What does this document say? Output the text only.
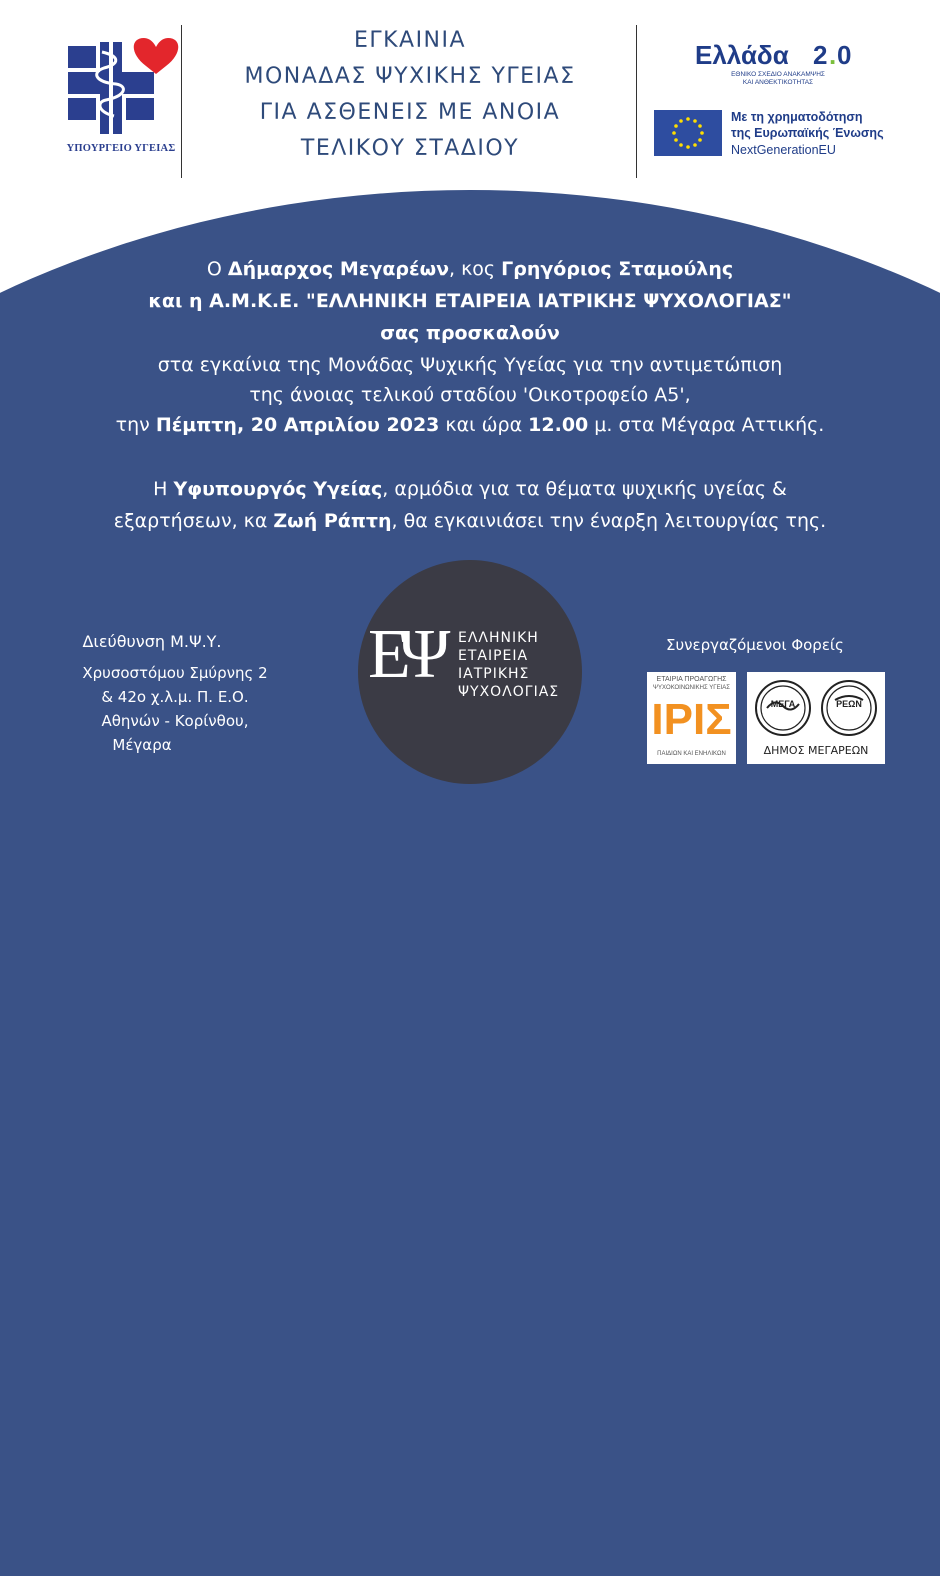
ΥΠΟΥΡΓΕΙΟ ΥΓΕΙΑΣ
ΕΓΚΑΙΝΙΑ
ΜΟΝΑΔΑΣ ΨΥΧΙΚΗΣ ΥΓΕΙΑΣ
ΓΙΑ ΑΣΘΕΝΕΙΣ ΜΕ ΑΝΟΙΑ
ΤΕΛΙΚΟΥ ΣΤΑΔΙΟΥ
Ελλάδα 2 . 0
ΕΘΝΙΚΟ ΣΧΕΔΙΟ ΑΝΑΚΑΜΨΗΣ
ΚΑΙ ΑΝΘΕΚΤΙΚΟΤΗΤΑΣ
Με τη χρηματοδότηση
της Ευρωπαϊκής Ένωσης
NextGenerationEU
Ο Δήμαρχος Μεγαρέων, κος Γρηγόριος Σταμούλης
και η Α.Μ.Κ.Ε. "ΕΛΛΗΝΙΚΗ ΕΤΑΙΡΕΙΑ ΙΑΤΡΙΚΗΣ ΨΥΧΟΛΟΓΙΑΣ"
σας προσκαλούν
στα εγκαίνια της Μονάδας Ψυχικής Υγείας για την αντιμετώπιση
της άνοιας τελικού σταδίου 'Οικοτροφείο Α5',
την Πέμπτη, 20 Απριλίου 2023 και ώρα 12.00 μ. στα Μέγαρα Αττικής.
Η Υφυπουργός Υγείας, αρμόδια για τα θέματα ψυχικής υγείας &
εξαρτήσεων, κα Ζωή Ράπτη, θα εγκαινιάσει την έναρξη λειτουργίας της.
Διεύθυνση Μ.Ψ.Υ.
Χρυσοστόμου Σμύρνης 2
& 42ο χ.λ.μ. Π. Ε.Ο.
Αθηνών - Κορίνθου,
Μέγαρα
ΕΨ ΕΛΛΗΝΙΚΗ
ΕΤΑΙΡΕΙΑ
ΙΑΤΡΙΚΗΣ
ΨΥΧΟΛΟΓΙΑΣ
Συνεργαζόμενοι Φορείς
ΕΤΑΙΡΙΑ ΠΡΟΑΓΩΓΗΣ
ΨΥΧΟΚΟΙΝΩΝΙΚΗΣ ΥΓΕΙΑΣ
ΙΡΙΣ
ΠΑΙΔΙΩΝ ΚΑΙ ΕΝΗΛΙΚΩΝ
ΜΕΓΑ	ΡΕΩΝ
ΔΗΜΟΣ ΜΕΓΑΡΕΩΝ
